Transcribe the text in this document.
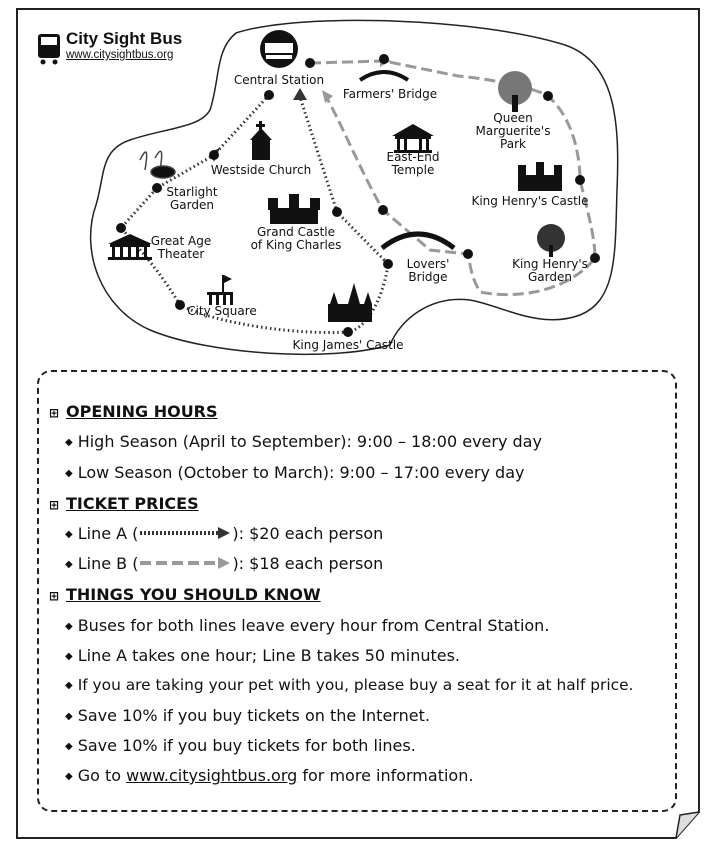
City Sight Bus
www.citysightbus.org
Central Station
Farmers' Bridge
Queen
Marguerite's
Park
East-End
Temple
Westside Church
Starlight
Garden	King Henry's Castle
Grand Castle
of King Charles
Great Age
Theater
King Henry's
Garden
Lovers'
Bridge
City Square
King James' Castle
⊞ OPENING HOURS
◆ High Season (April to September): 9:00 – 18:00 every day
◆ Low Season (October to March): 9:00 – 17:00 every day
⊞ TICKET PRICES
◆ Line A (	): $20 each person
◆ Line B (	): $18 each person
⊞ THINGS YOU SHOULD KNOW
◆ Buses for both lines leave every hour from Central Station.
◆ Line A takes one hour; Line B takes 50 minutes.
◆ If you are taking your pet with you, please buy a seat for it at half price.
◆ Save 10% if you buy tickets on the Internet.
◆ Save 10% if you buy tickets for both lines.
◆ Go to www.citysightbus.org for more information.
